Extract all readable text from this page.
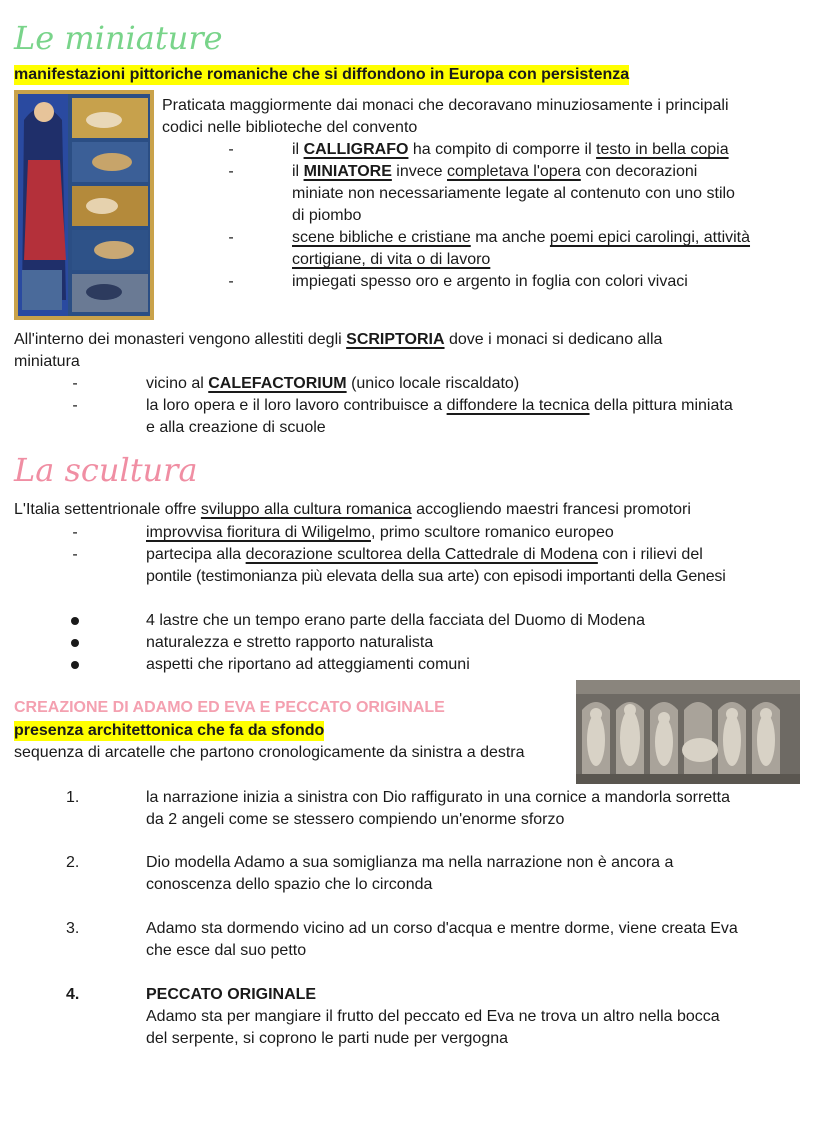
Le miniature
manifestazioni pittoriche romaniche che si diffondono in Europa con persistenza
Praticata maggiormente dai monaci che decoravano minuziosamente i principali
codici nelle biblioteche del convento
-	il CALLIGRAFO ha compito di comporre il testo in bella copia
-	il MINIATORE invece completava l'opera con decorazioni
miniate non necessariamente legate al contenuto con uno stilo
di piombo
-	scene bibliche e cristiane ma anche poemi epici carolingi, attività
cortigiane, di vita o di lavoro
-	impiegati spesso oro e argento in foglia con colori vivaci
All'interno dei monasteri vengono allestiti degli SCRIPTORIA dove i monaci si dedicano alla
miniatura
-	vicino al CALEFACTORIUM (unico locale riscaldato)
-	la loro opera e il loro lavoro contribuisce a diffondere la tecnica della pittura miniata
e alla creazione di scuole
La scultura
L'Italia settentrionale offre sviluppo alla cultura romanica accogliendo maestri francesi promotori
-	improvvisa fioritura di Wiligelmo, primo scultore romanico europeo
-	partecipa alla decorazione scultorea della Cattedrale di Modena con i rilievi del
pontile (testimonianza più elevata della sua arte) con episodi importanti della Genesi
4 lastre che un tempo erano parte della facciata del Duomo di Modena
naturalezza e stretto rapporto naturalista
aspetti che riportano ad atteggiamenti comuni
CREAZIONE DI ADAMO ED EVA E PECCATO ORIGINALE
presenza architettonica che fa da sfondo
sequenza di arcatelle che partono cronologicamente da sinistra a destra
1.	la narrazione inizia a sinistra con Dio raffigurato in una cornice a mandorla sorretta
da 2 angeli come se stessero compiendo un'enorme sforzo
2.	Dio modella Adamo a sua somiglianza ma nella narrazione non è ancora a
conoscenza dello spazio che lo circonda
3.	Adamo sta dormendo vicino ad un corso d'acqua e mentre dorme, viene creata Eva
che esce dal suo petto
4.	PECCATO ORIGINALE
Adamo sta per mangiare il frutto del peccato ed Eva ne trova un altro nella bocca
del serpente, si coprono le parti nude per vergogna
